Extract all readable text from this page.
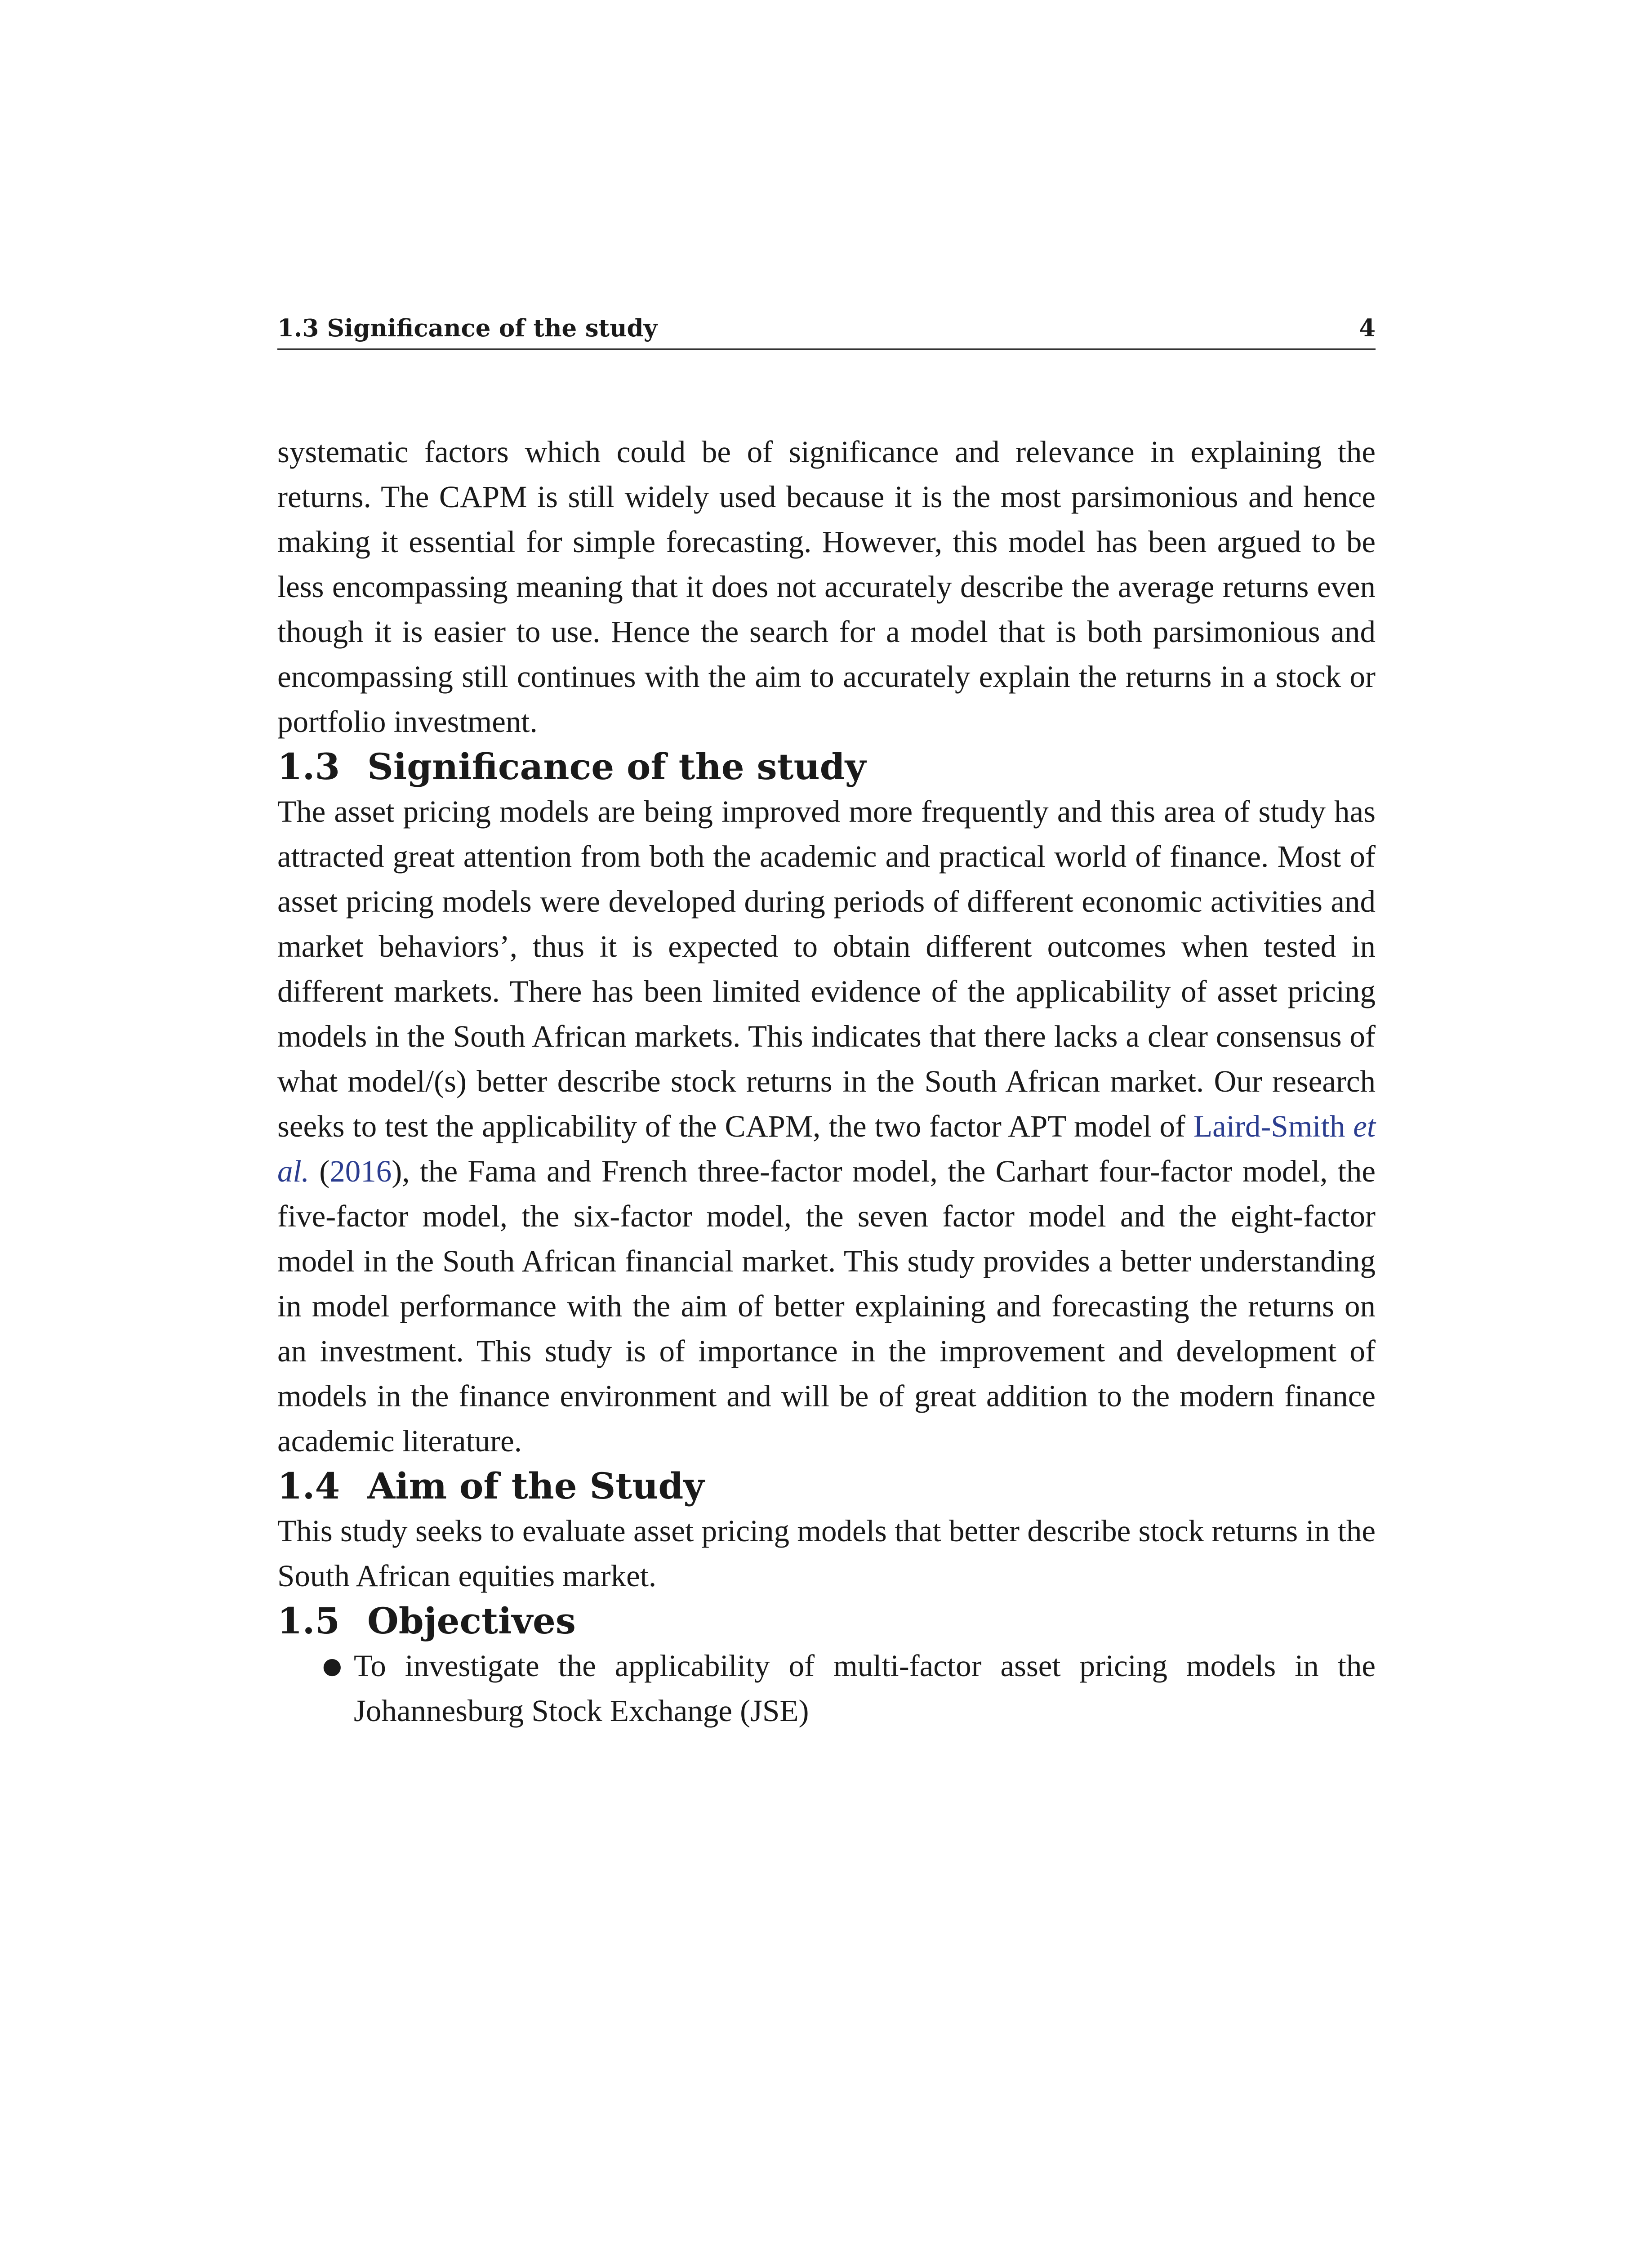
1.3 Significance of the study	4

systematic factors which could be of significance and relevance in explaining the returns. The CAPM is still widely used because it is the most parsimonious and hence making it essential for simple forecasting. However, this model has been argued to be less encompassing meaning that it does not accurately describe the average returns even though it is easier to use. Hence the search for a model that is both parsimonious and encompassing still continues with the aim to accurately explain the returns in a stock or portfolio investment.

1.3 Significance of the study

The asset pricing models are being improved more frequently and this area of study has attracted great attention from both the academic and practical world of finance. Most of asset pricing models were developed during periods of different economic activities and market behaviors’, thus it is expected to obtain different outcomes when tested in different markets. There has been limited evidence of the applicability of asset pricing models in the South African markets. This indicates that there lacks a clear consensus of what model/(s) better describe stock returns in the South African market. Our research seeks to test the applicability of the CAPM, the two factor APT model of Laird-Smith et al. (2016), the Fama and French three-factor model, the Carhart four-factor model, the five-factor model, the six-factor model, the seven factor model and the eight-factor model in the South African financial market. This study provides a better understanding in model performance with the aim of better explaining and forecasting the returns on an investment. This study is of importance in the improvement and development of models in the finance environment and will be of great addition to the modern finance academic literature.

1.4 Aim of the Study

This study seeks to evaluate asset pricing models that better describe stock returns in the South African equities market.

1.5 Objectives
● To investigate the applicability of multi-factor asset pricing models in the Johannesburg Stock Exchange (JSE)
